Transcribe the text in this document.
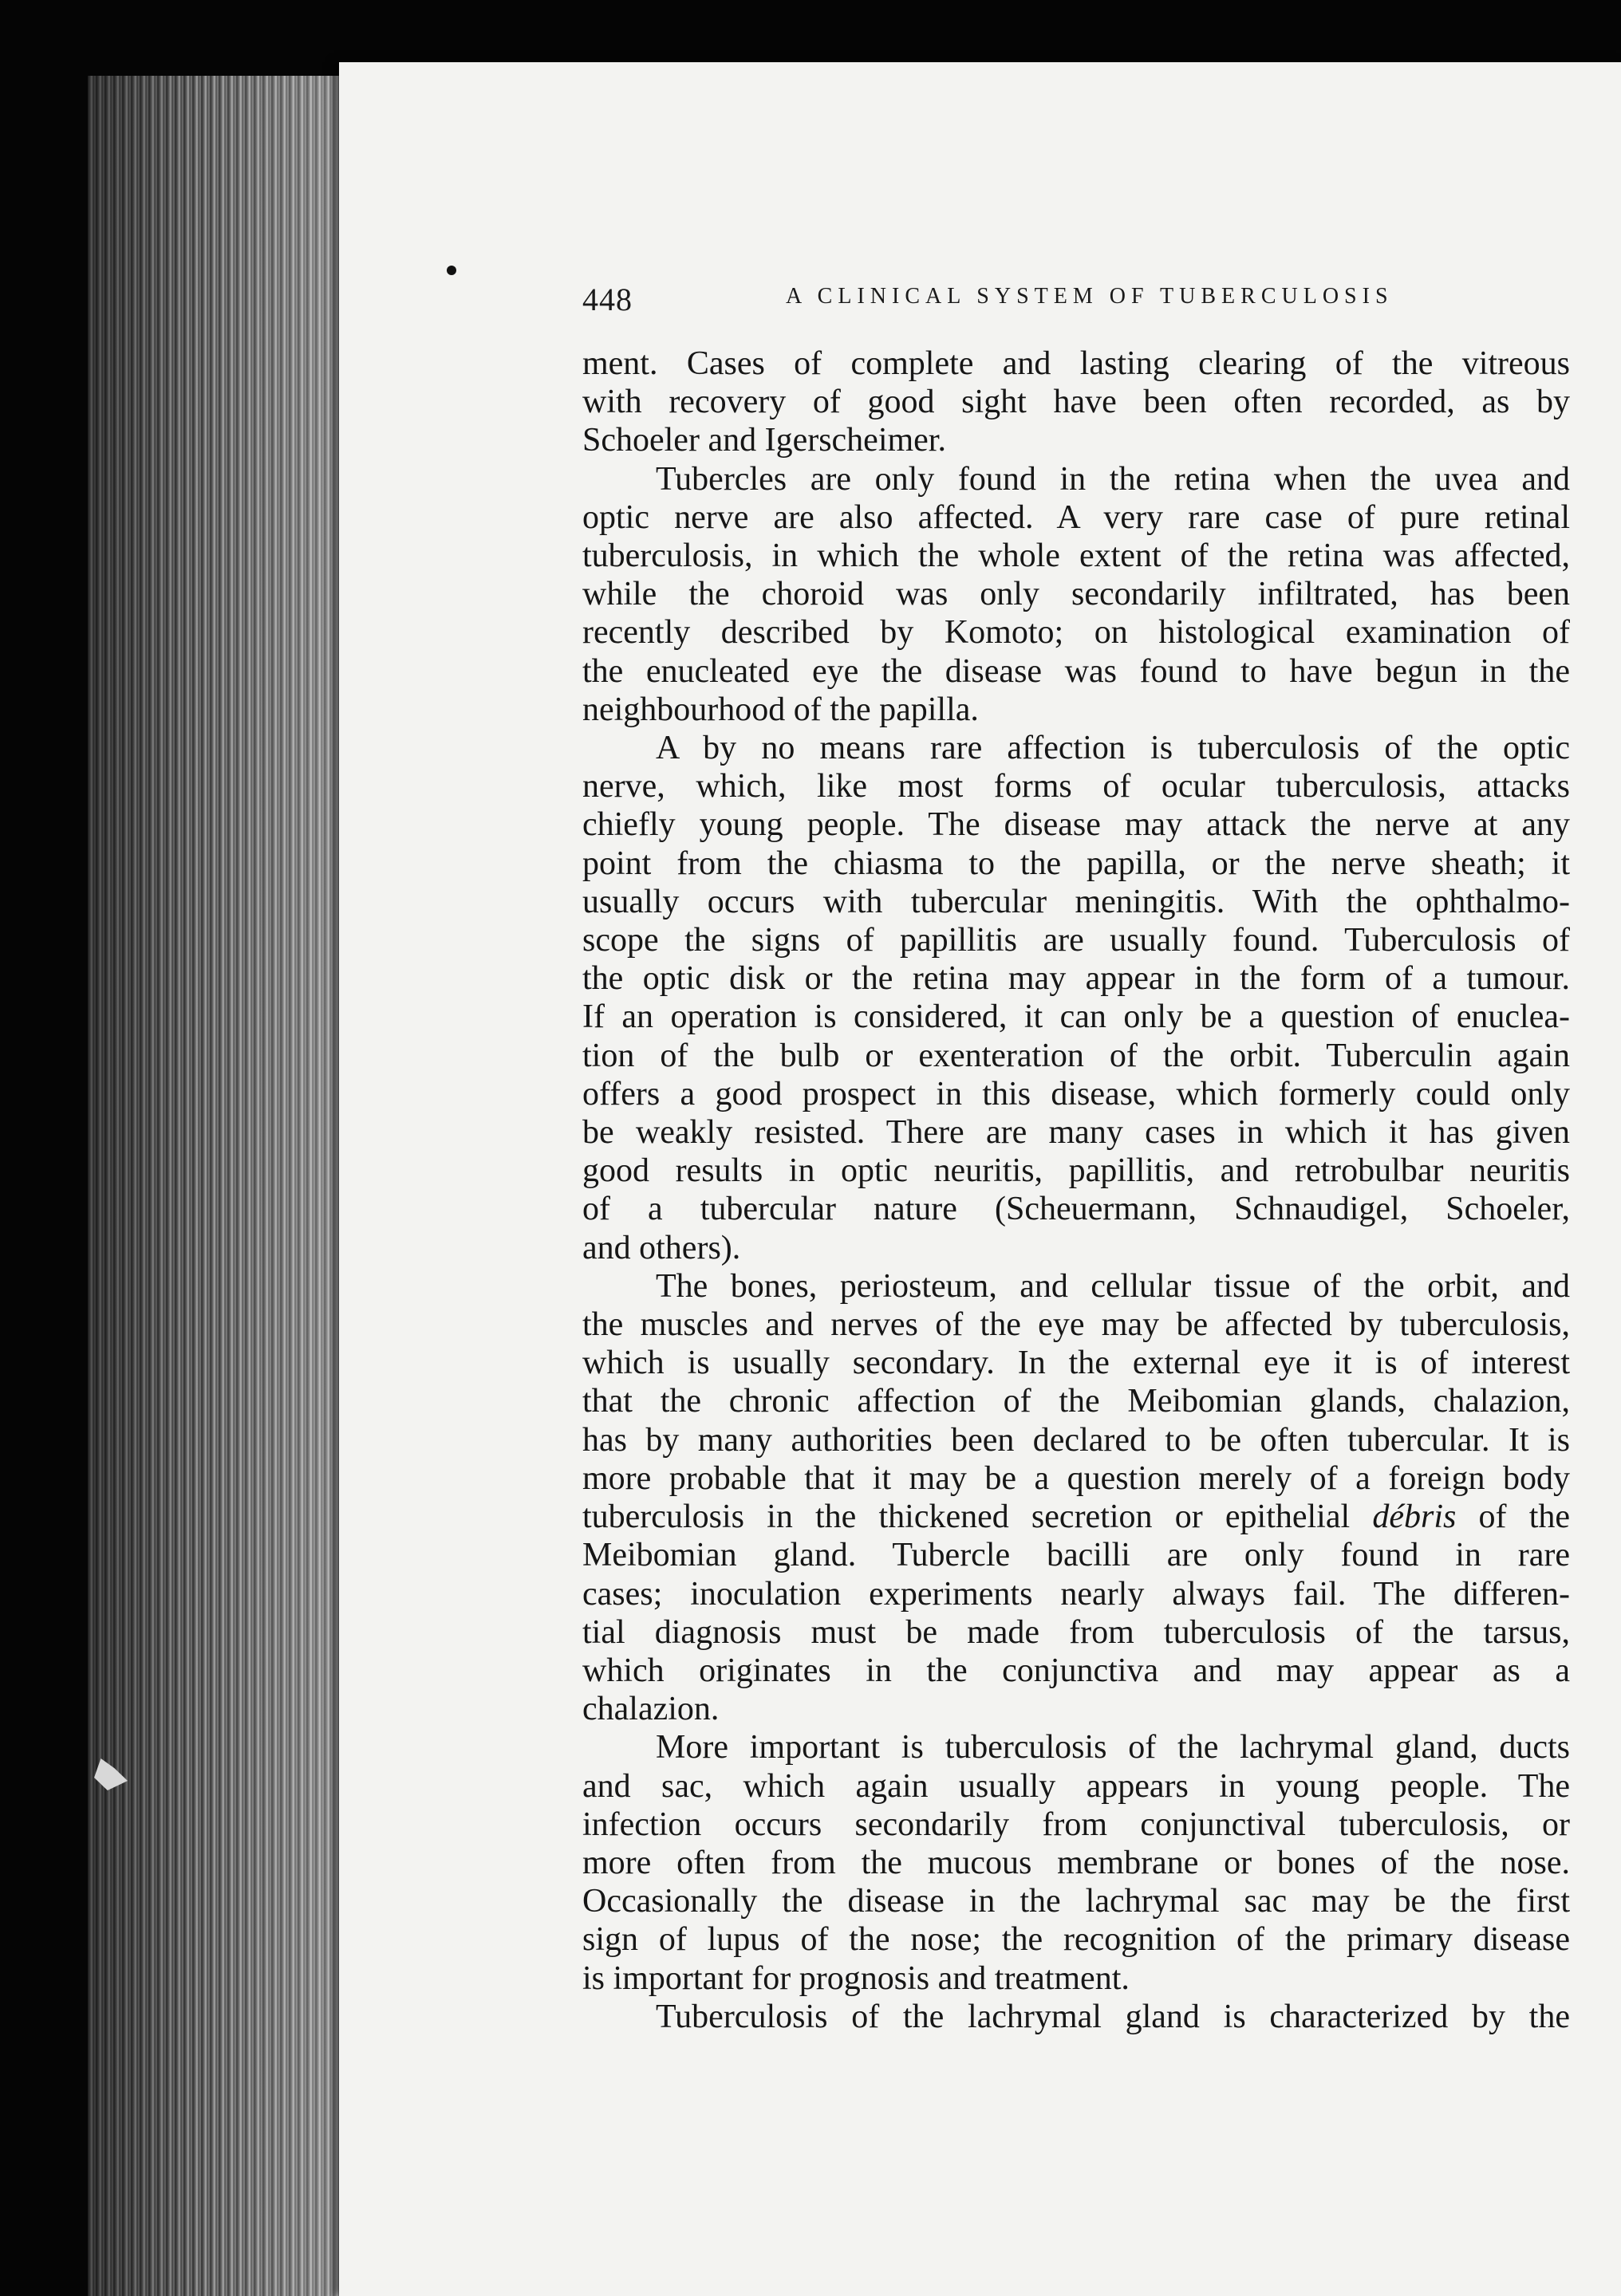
448	A CLINICAL SYSTEM OF TUBERCULOSIS
ment. Cases of complete and lasting clearing of the vitreous
with recovery of good sight have been often recorded, as by
Schoeler and Igerscheimer.
Tubercles are only found in the retina when the uvea and
optic nerve are also affected. A very rare case of pure retinal
tuberculosis, in which the whole extent of the retina was affected,
while the choroid was only secondarily infiltrated, has been
recently described by Komoto; on histological examination of
the enucleated eye the disease was found to have begun in the
neighbourhood of the papilla.
A by no means rare affection is tuberculosis of the optic
nerve, which, like most forms of ocular tuberculosis, attacks
chiefly young people. The disease may attack the nerve at any
point from the chiasma to the papilla, or the nerve sheath; it
usually occurs with tubercular meningitis. With the ophthalmo-
scope the signs of papillitis are usually found. Tuberculosis of
the optic disk or the retina may appear in the form of a tumour.
If an operation is considered, it can only be a question of enuclea-
tion of the bulb or exenteration of the orbit. Tuberculin again
offers a good prospect in this disease, which formerly could only
be weakly resisted. There are many cases in which it has given
good results in optic neuritis, papillitis, and retrobulbar neuritis
of a tubercular nature (Scheuermann, Schnaudigel, Schoeler,
and others).
The bones, periosteum, and cellular tissue of the orbit, and
the muscles and nerves of the eye may be affected by tuberculosis,
which is usually secondary. In the external eye it is of interest
that the chronic affection of the Meibomian glands, chalazion,
has by many authorities been declared to be often tubercular. It is
more probable that it may be a question merely of a foreign body
tuberculosis in the thickened secretion or epithelial débris of the
Meibomian gland. Tubercle bacilli are only found in rare
cases; inoculation experiments nearly always fail. The differen-
tial diagnosis must be made from tuberculosis of the tarsus,
which originates in the conjunctiva and may appear as a
chalazion.
More important is tuberculosis of the lachrymal gland, ducts
and sac, which again usually appears in young people. The
infection occurs secondarily from conjunctival tuberculosis, or
more often from the mucous membrane or bones of the nose.
Occasionally the disease in the lachrymal sac may be the first
sign of lupus of the nose; the recognition of the primary disease
is important for prognosis and treatment.
Tuberculosis of the lachrymal gland is characterized by the
